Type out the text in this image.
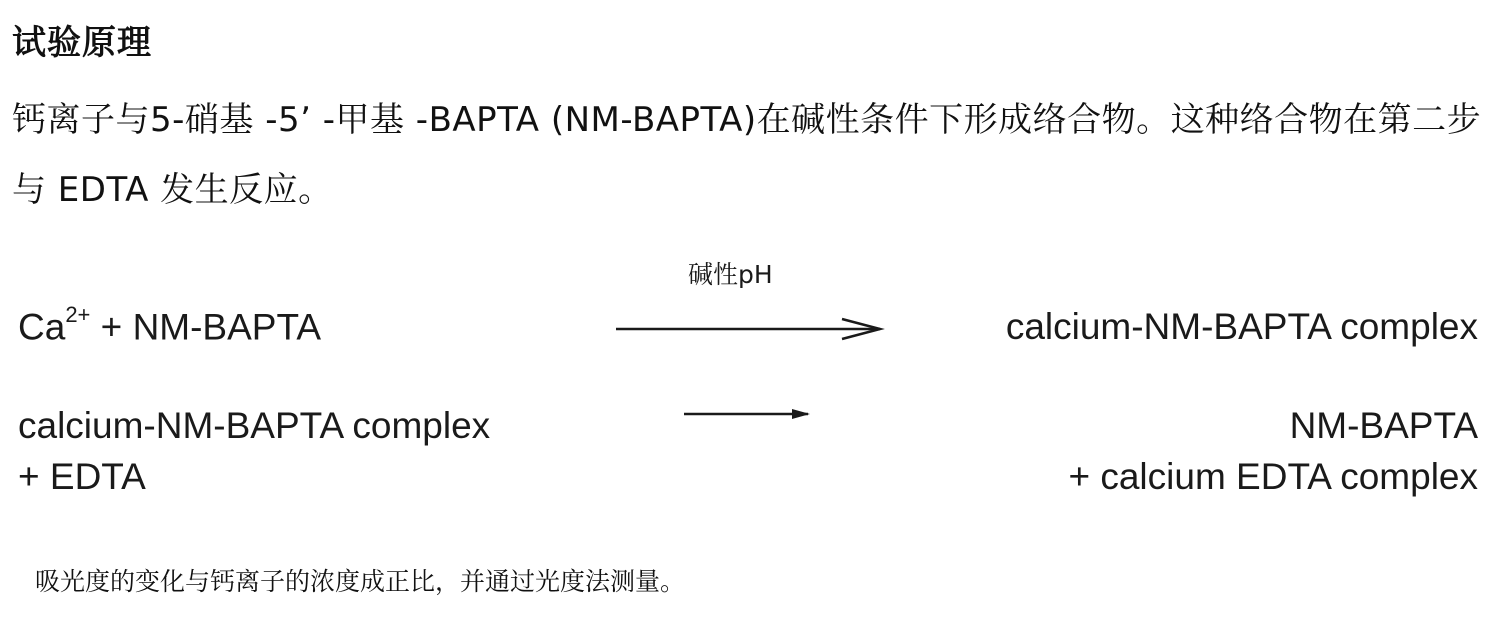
试验原理
钙离子与5-硝基 -5’ -甲基 -BAPTA (NM-BAPTA)在碱性条件下形成络合物。这种络合物在第二步与 EDTA 发生反应。
碱性pH
$Ca^{2+}$ + NM-BAPTA	calcium-NM-BAPTA complex
calcium-NM-BAPTA complex
+ EDTA
NM-BAPTA
+ calcium EDTA complex
吸光度的变化与钙离子的浓度成正比，并通过光度法测量。
